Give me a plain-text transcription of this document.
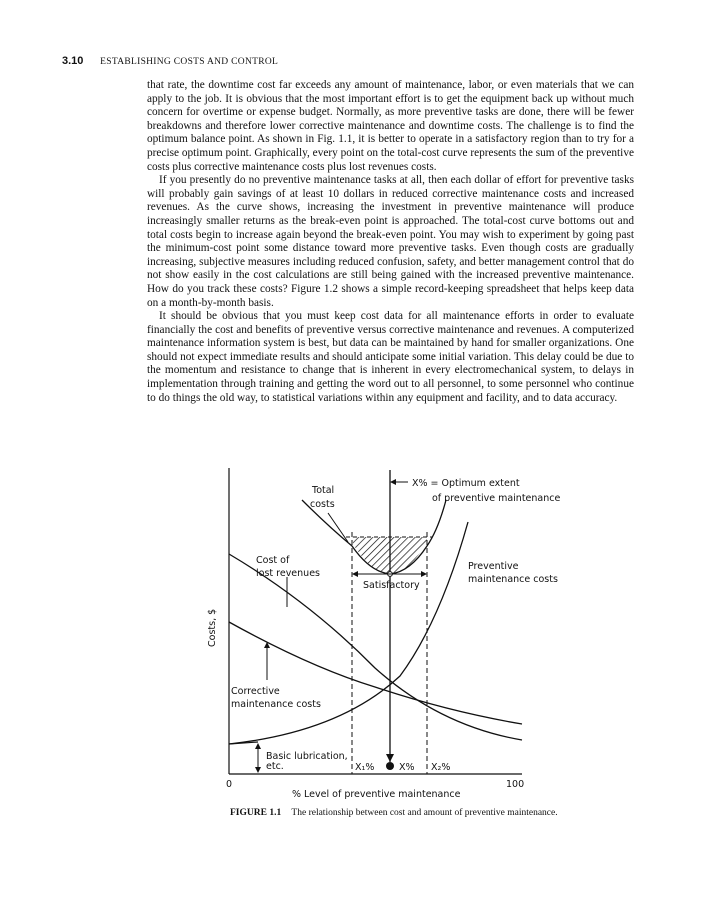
3.10 ESTABLISHING COSTS AND CONTROL

that rate, the downtime cost far exceeds any amount of maintenance, labor, or even materials that we can apply to the job. It is obvious that the most important effort is to get the equipment back up without much concern for overtime or expense budget. Normally, as more preventive tasks are done, there will be fewer breakdowns and therefore lower corrective maintenance and downtime costs. The challenge is to find the optimum balance point. As shown in Fig. 1.1, it is better to operate in a satisfactory region than to try for a precise optimum point. Graphically, every point on the total-cost curve represents the sum of the preventive costs plus corrective maintenance costs plus lost revenues costs.

If you presently do no preventive maintenance tasks at all, then each dollar of effort for preventive tasks will probably gain savings of at least 10 dollars in reduced corrective maintenance costs and increased revenues. As the curve shows, increasing the investment in preventive maintenance will produce increasingly smaller returns as the break-even point is approached. The total-cost curve bottoms out and total costs begin to increase again beyond the break-even point. You may wish to experiment by going past the minimum-cost point some distance toward more preventive tasks. Even though costs are gradually increasing, subjective measures including reduced confusion, safety, and better management control that do not show easily in the cost calculations are still being gained with the increased preventive maintenance. How do you track these costs? Figure 1.2 shows a simple record-keeping spreadsheet that helps keep data on a month-by-month basis.

It should be obvious that you must keep cost data for all maintenance efforts in order to evaluate financially the cost and benefits of preventive versus corrective maintenance and revenues. A computerized maintenance information system is best, but data can be maintained by hand for smaller organizations. One should not expect immediate results and should anticipate some initial variation. This delay could be due to the momentum and resistance to change that is inherent in every electromechanical system, to delays in implementation through training and getting the word out to all personnel, to some personnel who continue to do things the old way, to statistical variations within any equipment and facility, and to data accuracy.

X% = Optimum extent
of preventive maintenance
Total
costs
Cost of
lost revenues
Satisfactory
Preventive
maintenance costs
Corrective
maintenance costs
Basic lubrication,
etc.	X₁%	X% X₂%
0	100
% Level of preventive maintenance
Costs, $
FIGURE 1.1 The relationship between cost and amount of preventive maintenance.
